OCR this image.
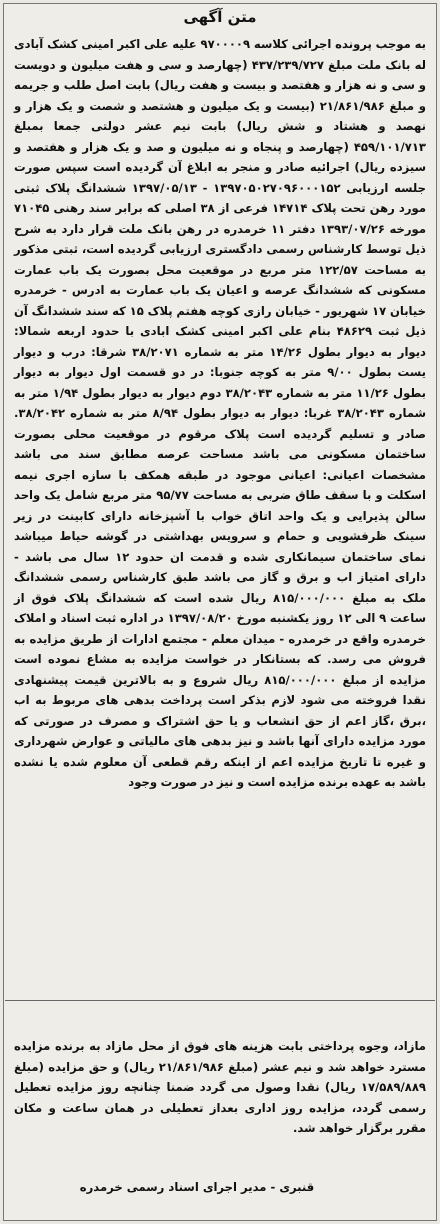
متن آگهی

به موجب پرونده اجرائی کلاسه ۹۷۰۰۰۰۹ علیه علی اکبر امینی کشک آبادی له بانک ملت مبلغ ۴۳۷/۲۳۹/۷۲۷ (چهارصد و سی و هفت میلیون و دویست و سی و نه هزار و هفتصد و بیست و هفت ریال) بابت اصل طلب و جریمه و مبلغ ۲۱/۸۶۱/۹۸۶ (بیست و یک میلیون و هشتصد و شصت و یک هزار و نهصد و هشتاد و شش ریال) بابت نیم عشر دولتی جمعا بمبلغ ۴۵۹/۱۰۱/۷۱۳ (چهارصد و پنجاه و نه میلیون و صد و یک هزار و هفتصد و سیزده ریال) اجرائیه صادر و منجر به ابلاغ آن گردیده است سپس صورت جلسه ارزیابی ۱۳۹۷۰۵۰۲۷۰۹۶۰۰۰۱۵۲ - ۱۳۹۷/۰۵/۱۳ ششدانگ پلاک ثبتی مورد رهن تحت پلاک ۱۴۷۱۴ فرعی از ۳۸ اصلی که برابر سند رهنی ۷۱۰۴۵ مورخه ۱۳۹۳/۰۷/۲۶ دفتر ۱۱ خرمدره در رهن بانک ملت قرار دارد به شرح ذیل توسط کارشناس رسمی دادگستری ارزیابی گردیده است، ثبتی مذکور به مساحت ۱۲۲/۵۷ متر مربع در موقعیت محل بصورت یک باب عمارت مسکونی که ششدانگ عرصه و اعیان یک باب عمارت به ادرس - خرمدره خیابان ۱۷ شهریور - خیابان رازی کوچه هفتم پلاک ۱۵ که سند ششدانگ آن ذیل ثبت ۴۸۶۲۹ بنام علی اکبر امینی کشک ابادی با حدود اربعه شمالا: دیوار به دیوار بطول ۱۴/۲۶ متر به شماره ۳۸/۲۰۷۱ شرقا: درب و دیوار یست بطول ۹/۰۰ متر به کوچه جنوبا: در دو قسمت اول دیوار به دیوار بطول ۱۱/۲۶ متر به شماره ۳۸/۲۰۴۳ دوم دیوار به دیوار بطول ۱/۹۴ متر به شماره ۳۸/۲۰۴۳ غربا: دیوار به دیوار بطول ۸/۹۴ متر به شماره ۳۸/۲۰۴۲. صادر و تسلیم گردیده است پلاک مرقوم در موقعیت محلی بصورت ساختمان مسکونی می باشد مساحت عرصه مطابق سند می باشد مشخصات اعیانی: اعیانی موجود در طبقه همکف با سازه اجری نیمه اسکلت و با سقف طاق ضربی به مساحت ۹۵/۷۷ متر مربع شامل یک واحد سالن پذیرایی و یک واحد اتاق خواب با آشپزخانه دارای کابینت در زیر سینک ظرفشویی و حمام و سرویس بهداشتی در گوشه حیاط میباشد نمای ساختمان سیمانکاری شده و قدمت ان حدود ۱۲ سال می باشد - دارای امتیاز اب و برق و گاز می باشد طبق کارشناس رسمی ششدانگ ملک به مبلغ ۸۱۵/۰۰۰/۰۰۰ ریال شده است که ششدانگ پلاک فوق از ساعت ۹ الی ۱۲ روز یکشنبه مورخ ۱۳۹۷/۰۸/۲۰ در اداره ثبت اسناد و املاک خرمدره واقع در خرمدره - میدان معلم - مجتمع ادارات از طریق مزایده به فروش می رسد. که بستانکار در خواست مزایده به مشاع نموده است مزایده از مبلغ ۸۱۵/۰۰۰/۰۰۰ ریال شروع و به بالاترین قیمت پیشنهادی نقدا فروخته می شود لازم بذکر است پرداخت بدهی های مربوط به اب ،برق ،گاز اعم از حق انشعاب و یا حق اشتراک و مصرف در صورتی که مورد مزایده دارای آنها باشد و نیز بدهی های مالیاتی و عوارض شهرداری و غیره تا تاریخ مزایده اعم از اینکه رقم قطعی آن معلوم شده یا نشده باشد به عهده برنده مزایده است و نیز در صورت وجود

مازاد، وجوه پرداختی بابت هزینه های فوق از محل مازاد به برنده مزایده مسترد خواهد شد و نیم عشر (مبلغ ۲۱/۸۶۱/۹۸۶ ریال) و حق مزایده (مبلغ ۱۷/۵۸۹/۸۸۹ ریال) نقدا وصول می گردد ضمنا چنانچه روز مزایده تعطیل رسمی گردد، مزایده روز اداری بعداز تعطیلی در همان ساعت و مکان مقرر برگزار خواهد شد.

قنبری - مدیر اجرای اسناد رسمی خرمدره
